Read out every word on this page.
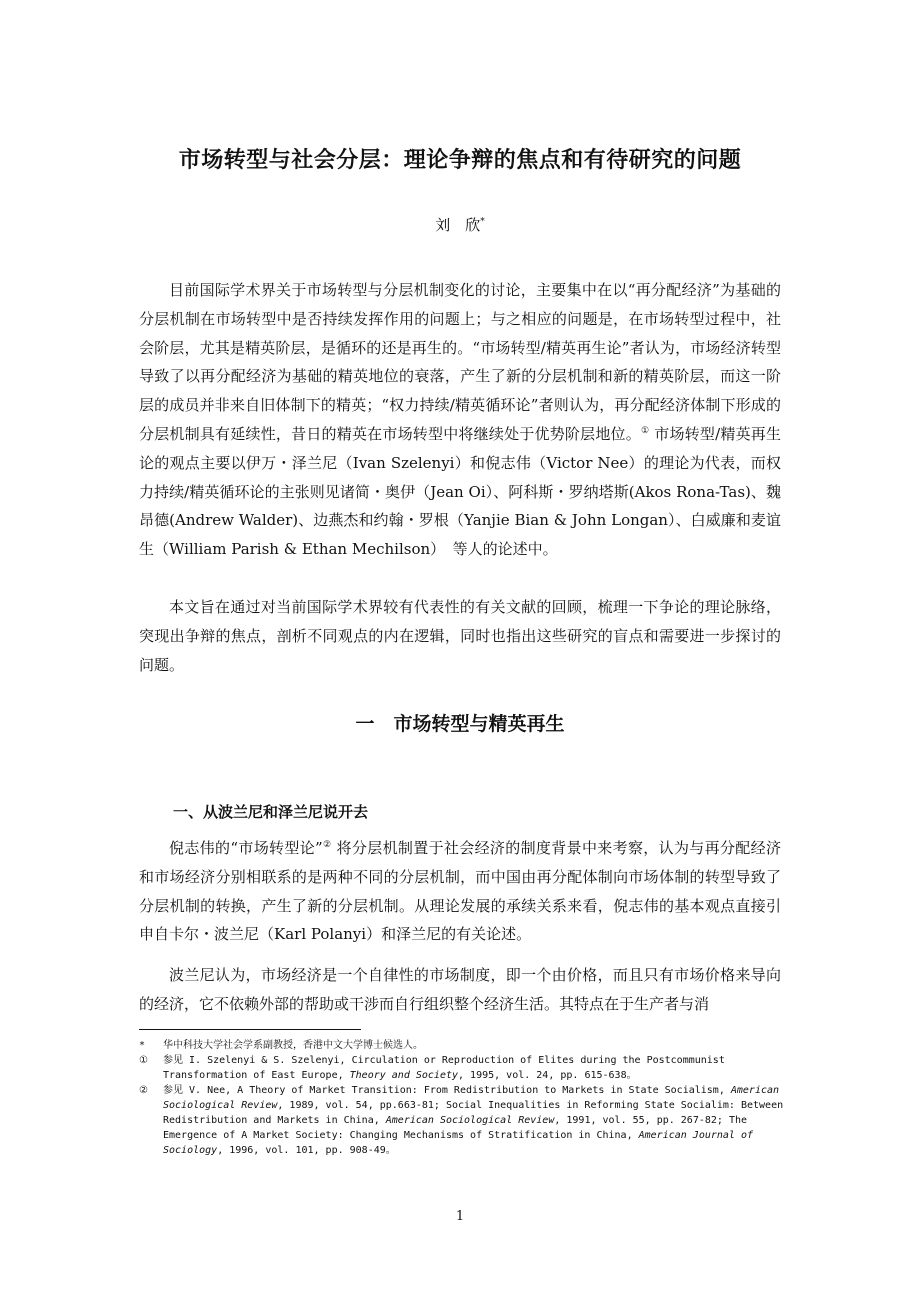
市场转型与社会分层：理论争辩的焦点和有待研究的问题

刘　欣*

目前国际学术界关于市场转型与分层机制变化的讨论，主要集中在以“再分配经济”为基础的分层机制在市场转型中是否持续发挥作用的问题上；与之相应的问题是，在市场转型过程中，社会阶层，尤其是精英阶层，是循环的还是再生的。“市场转型/精英再生论”者认为，市场经济转型导致了以再分配经济为基础的精英地位的衰落，产生了新的分层机制和新的精英阶层，而这一阶层的成员并非来自旧体制下的精英；“权力持续/精英循环论”者则认为，再分配经济体制下形成的分层机制具有延续性，昔日的精英在市场转型中将继续处于优势阶层地位。① 市场转型/精英再生论的观点主要以伊万・泽兰尼（Ivan Szelenyi）和倪志伟（Victor Nee）的理论为代表，而权力持续/精英循环论的主张则见诸简・奥伊（Jean Oi）、阿科斯・罗纳塔斯(Akos Rona-Tas)、魏昂德(Andrew Walder)、边燕杰和约翰・罗根（Yanjie Bian & John Longan）、白威廉和麦谊生（William Parish & Ethan Mechilson）　等人的论述中。

本文旨在通过对当前国际学术界较有代表性的有关文献的回顾，梳理一下争论的理论脉络，突现出争辩的焦点，剖析不同观点的内在逻辑，同时也指出这些研究的盲点和需要进一步探讨的问题。

一　市场转型与精英再生
一、从波兰尼和泽兰尼说开去

倪志伟的“市场转型论”② 将分层机制置于社会经济的制度背景中来考察，认为与再分配经济和市场经济分别相联系的是两种不同的分层机制，而中国由再分配体制向市场体制的转型导致了分层机制的转换，产生了新的分层机制。从理论发展的承续关系来看，倪志伟的基本观点直接引申自卡尔・波兰尼（Karl Polanyi）和泽兰尼的有关论述。

波兰尼认为，市场经济是一个自律性的市场制度，即一个由价格，而且只有市场价格来导向的经济，它不依赖外部的帮助或干涉而自行组织整个经济生活。其特点在于生产者与消

*	华中科技大学社会学系副教授，香港中文大学博士候选人。
①	参见 I. Szelenyi & S. Szelenyi, Circulation or Reproduction of Elites during the Postcommunist Transformation of East Europe, Theory and Society, 1995, vol. 24, pp. 615-638。
②	参见 V. Nee, A Theory of Market Transition: From Redistribution to Markets in State Socialism, American Sociological Review, 1989, vol. 54, pp.663-81; Social Inequalities in Reforming State Socialim: Between Redistribution and Markets in China, American Sociological Review, 1991, vol. 55, pp. 267-82; The Emergence of A Market Society: Changing Mechanisms of Stratification in China, American Journal of Sociology, 1996, vol. 101, pp. 908-49。

1
